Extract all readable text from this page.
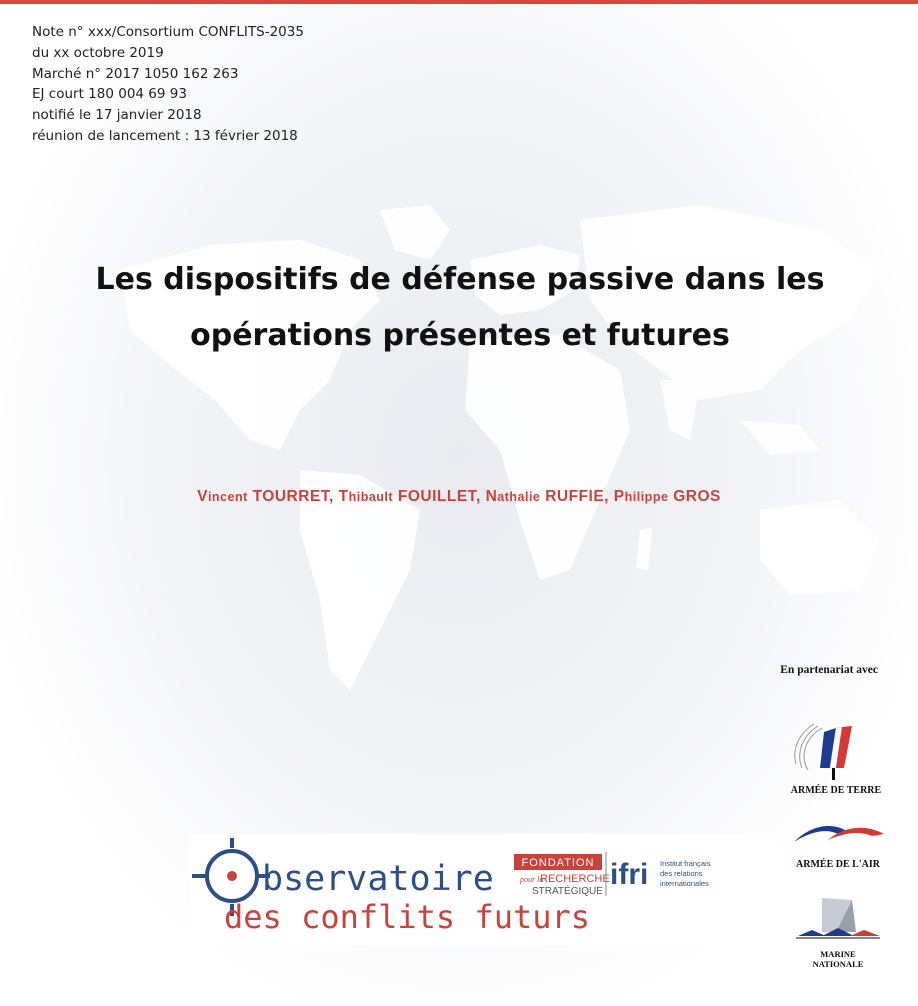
Note n° xxx/Consortium CONFLITS-2035
du xx octobre 2019
Marché n° 2017 1050 162 263
EJ court 180 004 69 93
notifié le 17 janvier 2018
réunion de lancement : 13 février 2018
Les dispositifs de défense passive dans les
opérations présentes et futures
Vincent TOURRET, Thibault FOUILLET, Nathalie RUFFIE, Philippe GROS
En partenariat avec
ARMÉE DE TERRE
ARMÉE DE L'AIR
MARINE
NATIONALE
bservatoire
des conflits futurs
FONDATION
pour la
RECHERCHE
STRATÉGIQUE
ifri Institut français
des relations
internationales
